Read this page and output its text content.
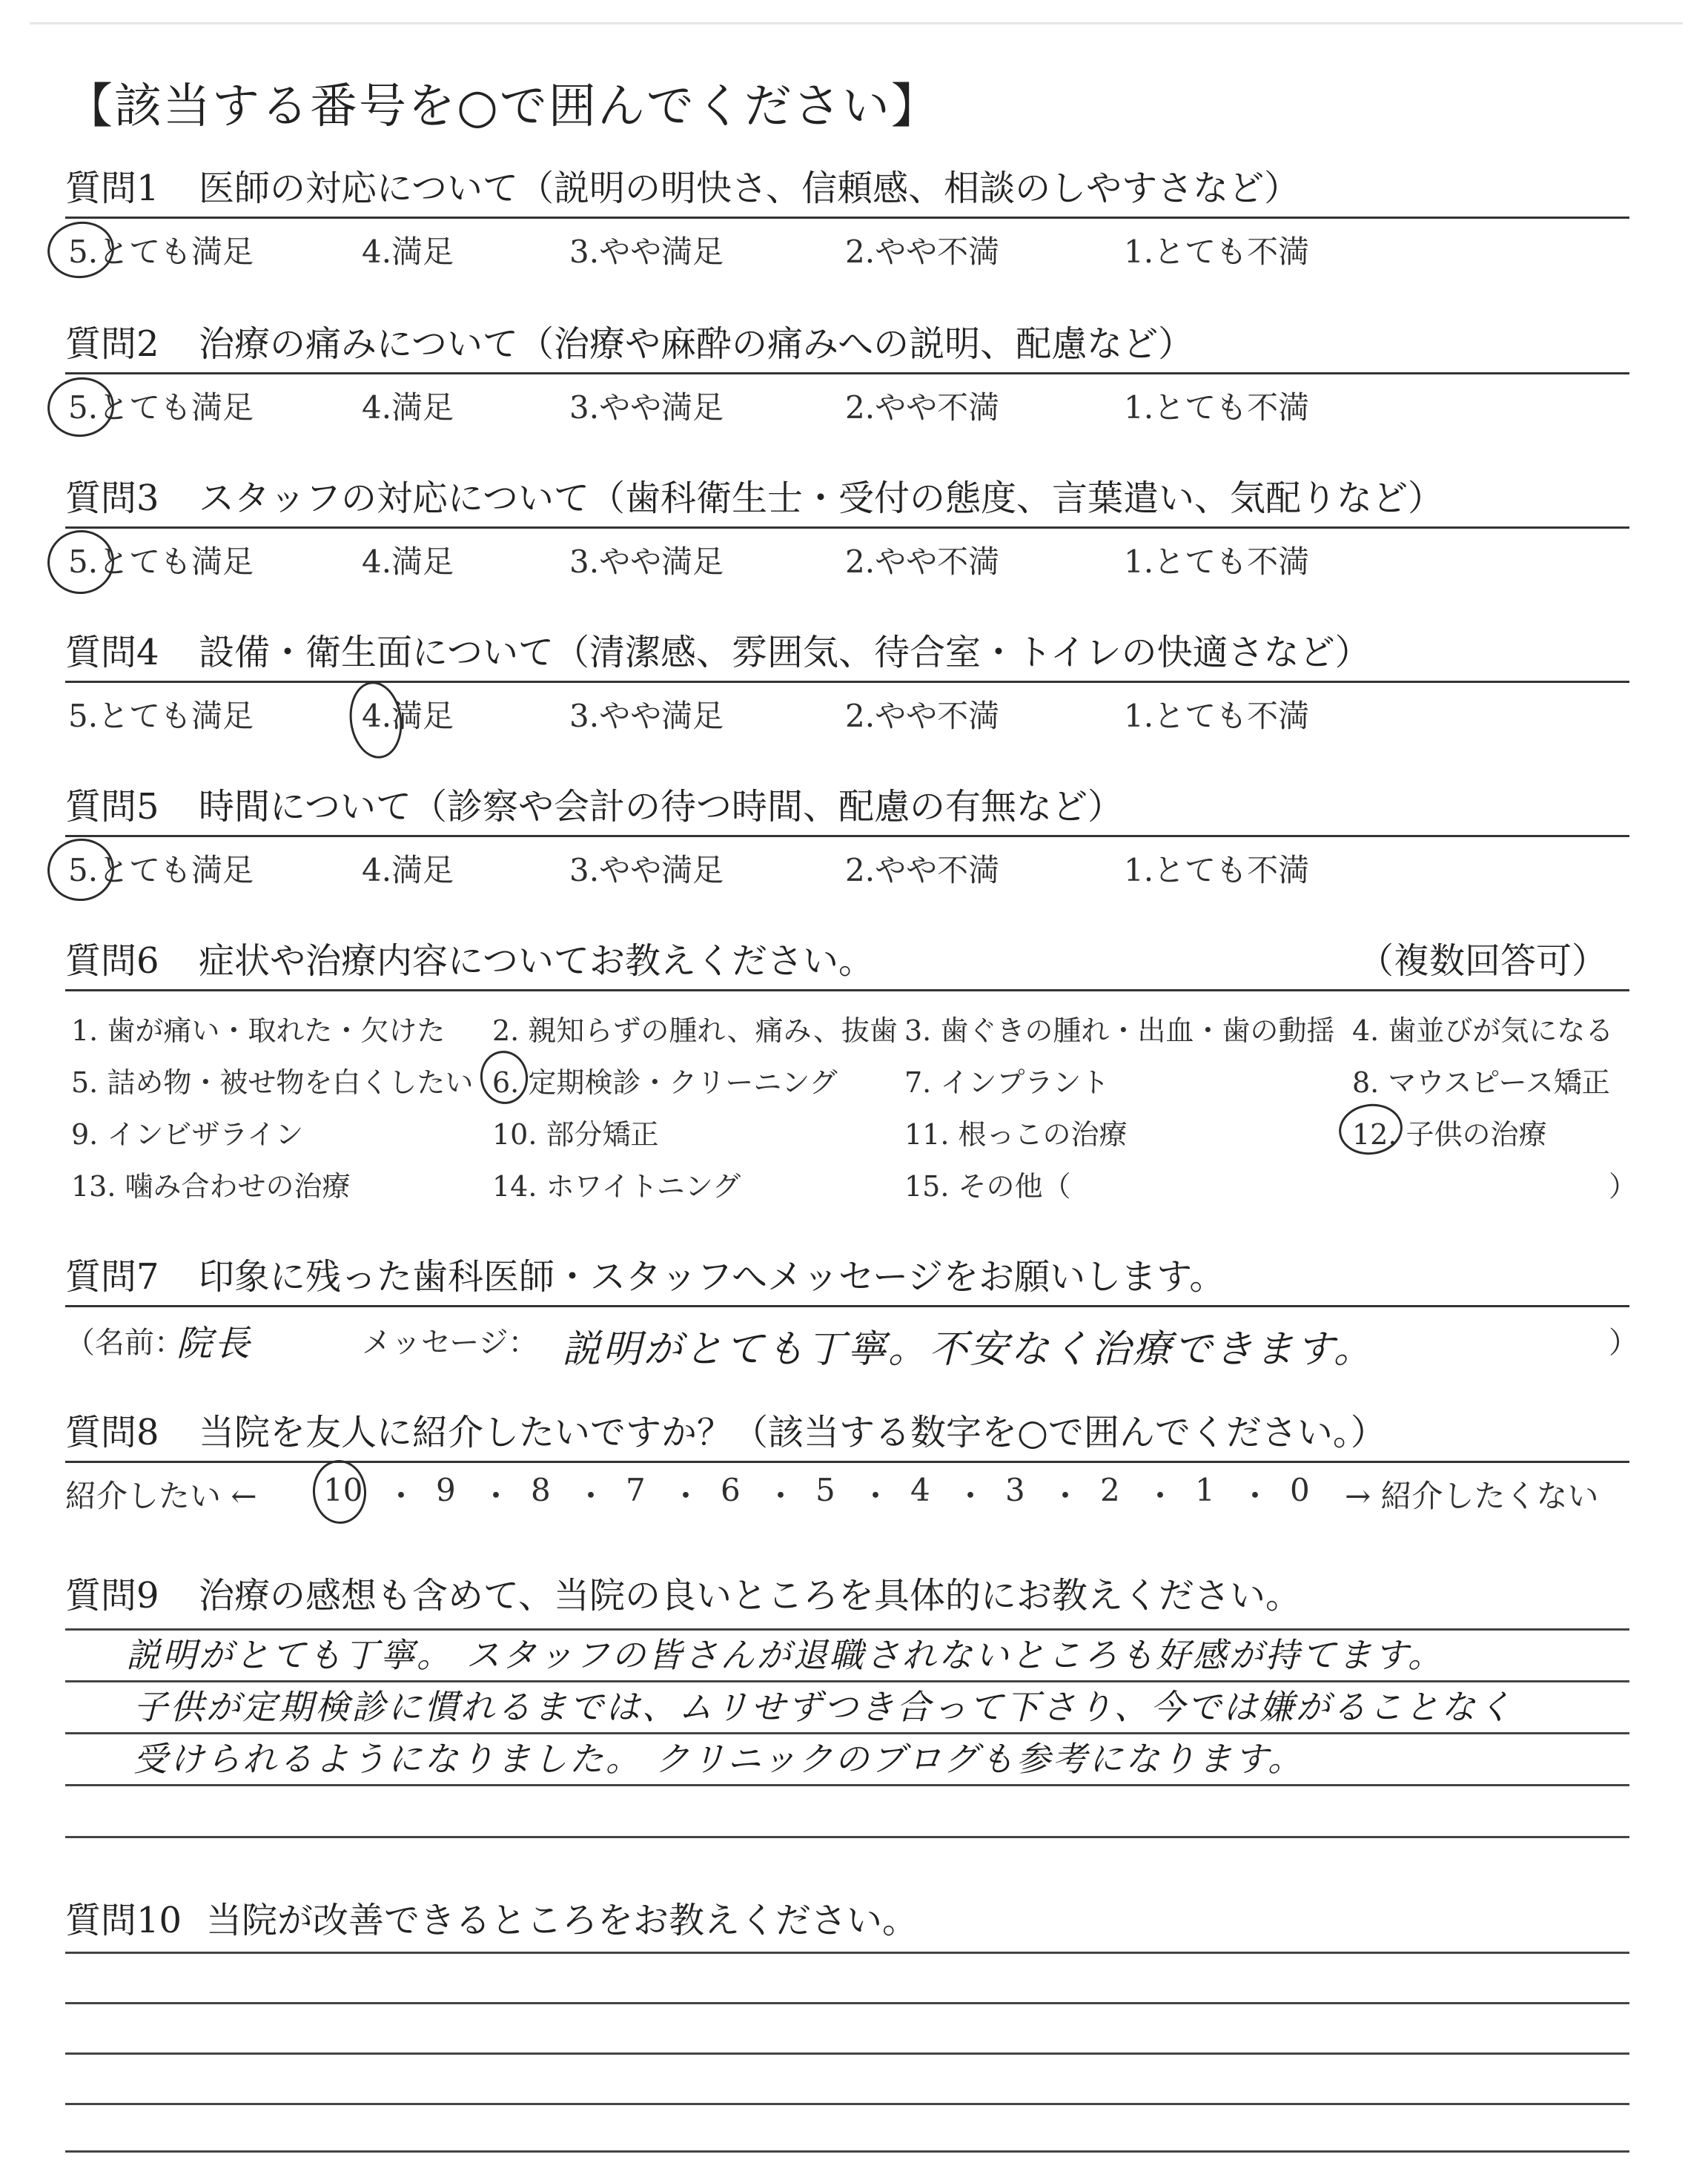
【該当する番号を○で囲んでください】
質問1 医師の対応について（説明の明快さ、信頼感、相談のしやすさなど）
5.とても満足	4.満足	3.やや満足	2.やや不満	1.とても不満
質問2 治療の痛みについて（治療や麻酔の痛みへの説明、配慮など）
5.とても満足	4.満足	3.やや満足	2.やや不満	1.とても不満
質問3 スタッフの対応について（歯科衛生士・受付の態度、言葉遣い、気配りなど）
5.とても満足	4.満足	3.やや満足	2.やや不満	1.とても不満
質問4 設備・衛生面について（清潔感、雰囲気、待合室・トイレの快適さなど）
5.とても満足	4.満足	3.やや満足	2.やや不満	1.とても不満
質問5 時間について（診察や会計の待つ時間、配慮の有無など）
5.とても満足	4.満足	3.やや満足	2.やや不満	1.とても不満
質問6 症状や治療内容についてお教えください。	（複数回答可）
1. 歯が痛い・取れた・欠けた 2. 親知らずの腫れ、痛み、抜歯 3. 歯ぐきの腫れ・出血・歯の動揺 4. 歯並びが気になる
5. 詰め物・被せ物を白くしたい 6. 定期検診・クリーニング 7. インプラント	8. マウスピース矯正
9. インビザライン	10. 部分矯正	11. 根っこの治療	12. 子供の治療
13. 噛み合わせの治療	14. ホワイトニング	15. その他（	）
質問7 印象に残った歯科医師・スタッフへメッセージをお願いします。
（名前：
院長	メッセージ： 説明がとても丁寧。不安なく治療できます。	）
質問8 当院を友人に紹介したいですか？（該当する数字を○で囲んでください。）
紹介したい ← 10 ・ 9 ・ 8 ・ 7 ・ 6 ・ 5 ・ 4 ・ 3 ・ 2 ・ 1 ・ 0 → 紹介したくない
質問9 治療の感想も含めて、当院の良いところを具体的にお教えください。
説明がとても丁寧。 スタッフの皆さんが退職されないところも好感が持てます。
子供が定期検診に慣れるまでは、ムリせずつき合って下さり、今では嫌がることなく
受けられるようになりました。 クリニックのブログも参考になります。
質問10 当院が改善できるところをお教えください。
